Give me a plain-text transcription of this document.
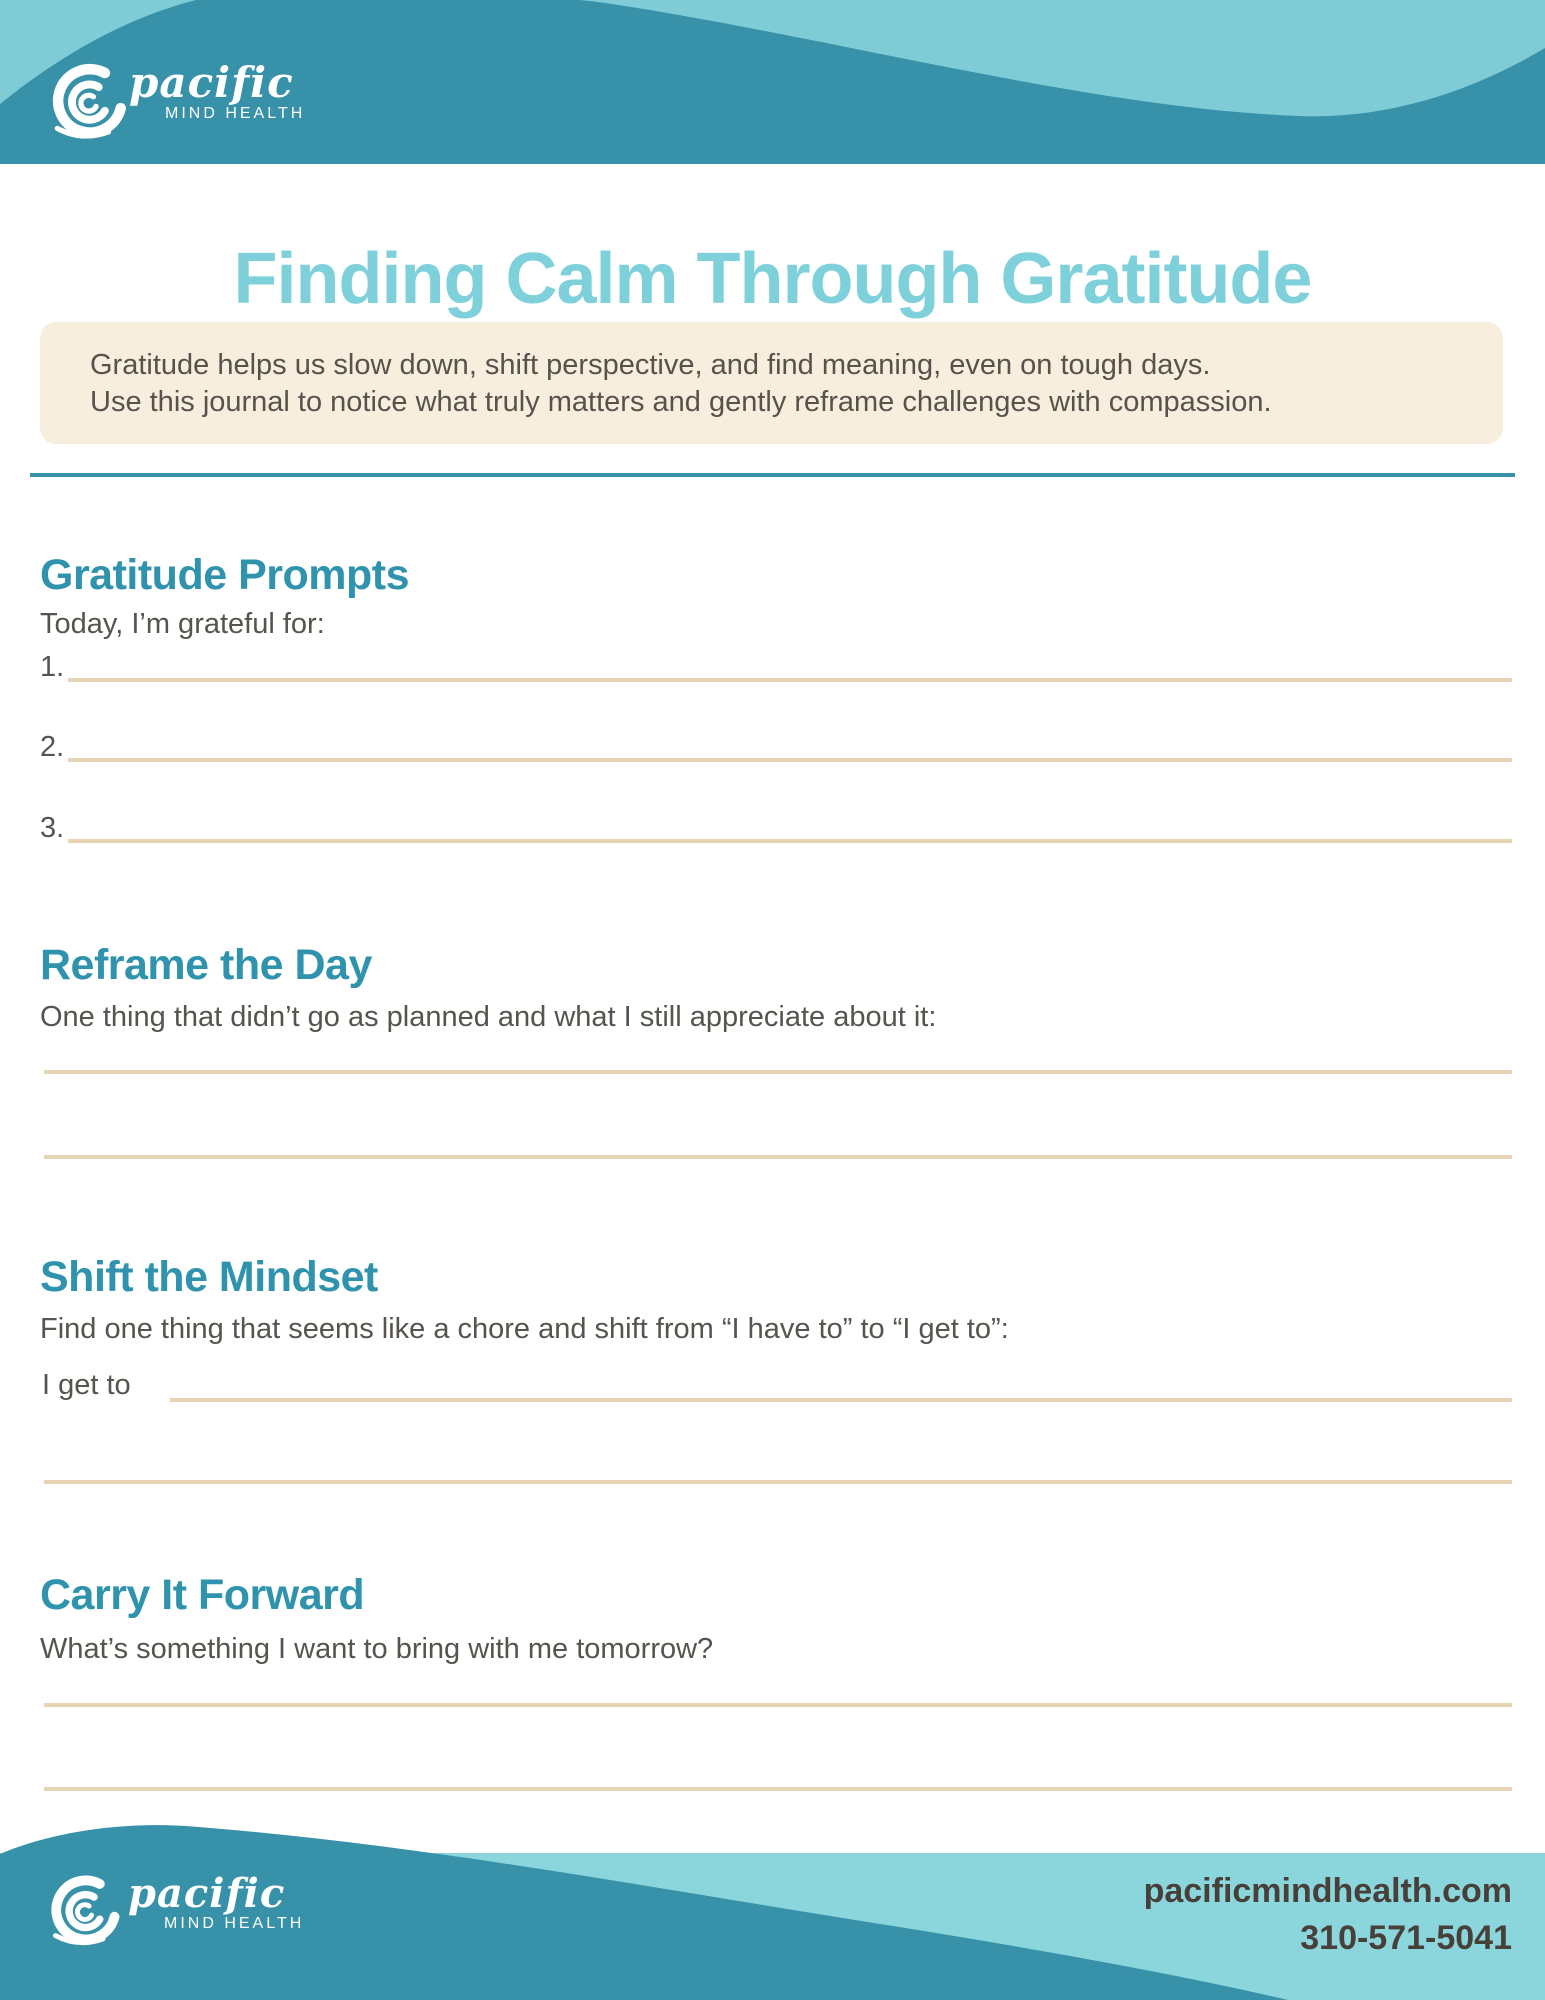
pacific
MIND HEALTH
Finding Calm Through Gratitude

Gratitude helps us slow down, shift perspective, and find meaning, even on tough days.

Use this journal to notice what truly matters and gently reframe challenges with compassion.

Gratitude Prompts

Today, I’m grateful for:

1.
2.
3.
Reframe the Day

One thing that didn’t go as planned and what I still appreciate about it:

Shift the Mindset

Find one thing that seems like a chore and shift from “I have to” to “I get to”:

I get to
Carry It Forward

What’s something I want to bring with me tomorrow?

pacific
MIND HEALTH
pacificmindhealth.com
310-571-5041
